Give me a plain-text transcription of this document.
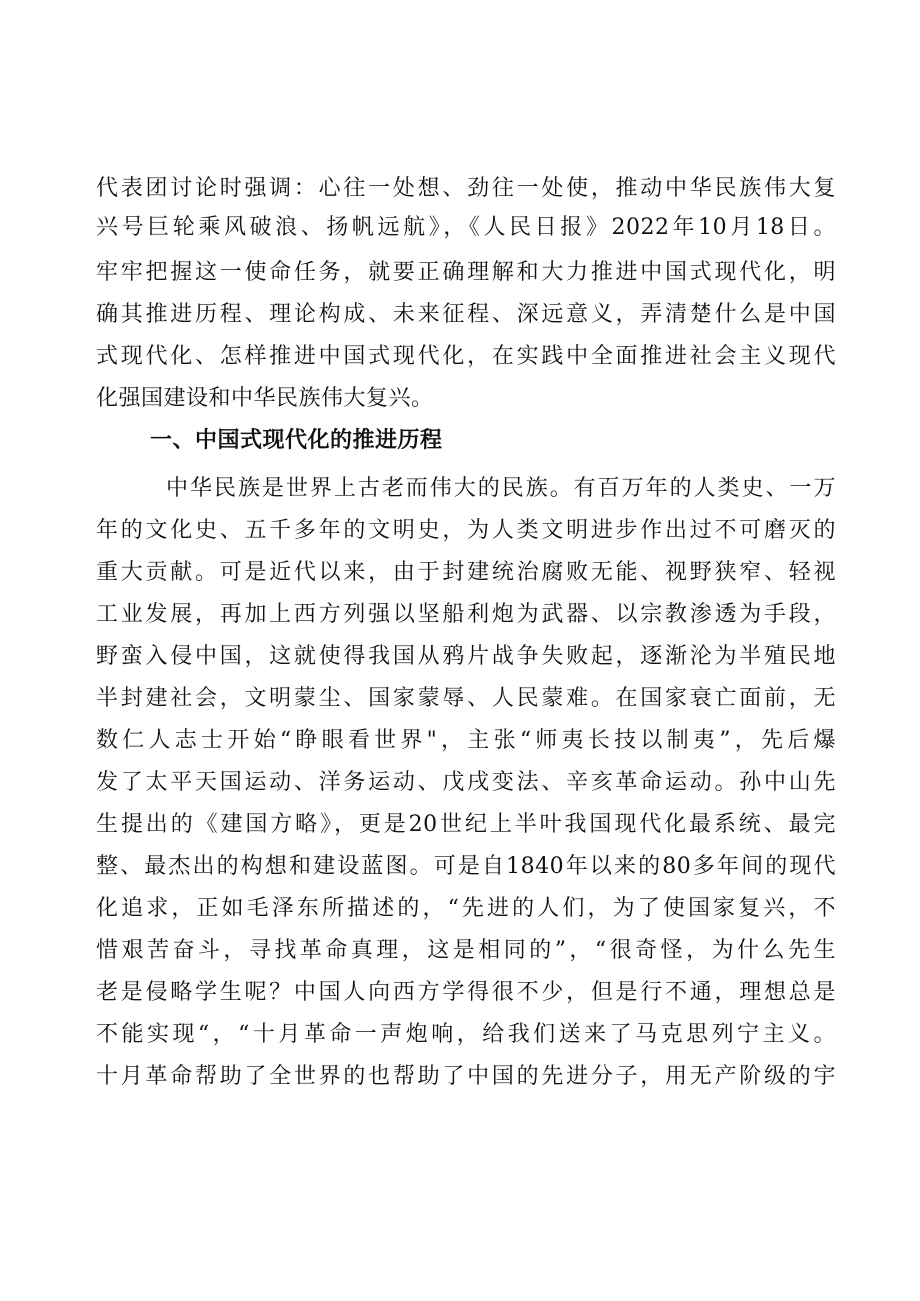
代表团讨论时强调：心往一处想、劲往一处使，推动中华民族伟大复
兴号巨轮乘风破浪、扬帆远航》，《人民日报》2022年10月18日。
牢牢把握这一使命任务，就要正确理解和大力推进中国式现代化，明
确其推进历程、理论构成、未来征程、深远意义，弄清楚什么是中国
式现代化、怎样推进中国式现代化，在实践中全面推进社会主义现代
化强国建设和中华民族伟大复兴。
一、中国式现代化的推进历程
中华民族是世界上古老而伟大的民族。有百万年的人类史、一万
年的文化史、五千多年的文明史，为人类文明进步作出过不可磨灭的
重大贡献。可是近代以来，由于封建统治腐败无能、视野狭窄、轻视
工业发展，再加上西方列强以坚船利炮为武器、以宗教渗透为手段，
野蛮入侵中国，这就使得我国从鸦片战争失败起，逐渐沦为半殖民地
半封建社会，文明蒙尘、国家蒙辱、人民蒙难。在国家衰亡面前，无
数仁人志士开始“睁眼看世界"，主张“师夷长技以制夷”，先后爆
发了太平天国运动、洋务运动、戊戌变法、辛亥革命运动。孙中山先
生提出的《建国方略》，更是20世纪上半叶我国现代化最系统、最完
整、最杰出的构想和建设蓝图。可是自1840年以来的80多年间的现代
化追求，正如毛泽东所描述的，“先进的人们，为了使国家复兴，不
惜艰苦奋斗，寻找革命真理，这是相同的”，“很奇怪，为什么先生
老是侵略学生呢？中国人向西方学得很不少，但是行不通，理想总是
不能实现“，“十月革命一声炮响，给我们送来了马克思列宁主义。
十月革命帮助了全世界的也帮助了中国的先进分子，用无产阶级的宇
